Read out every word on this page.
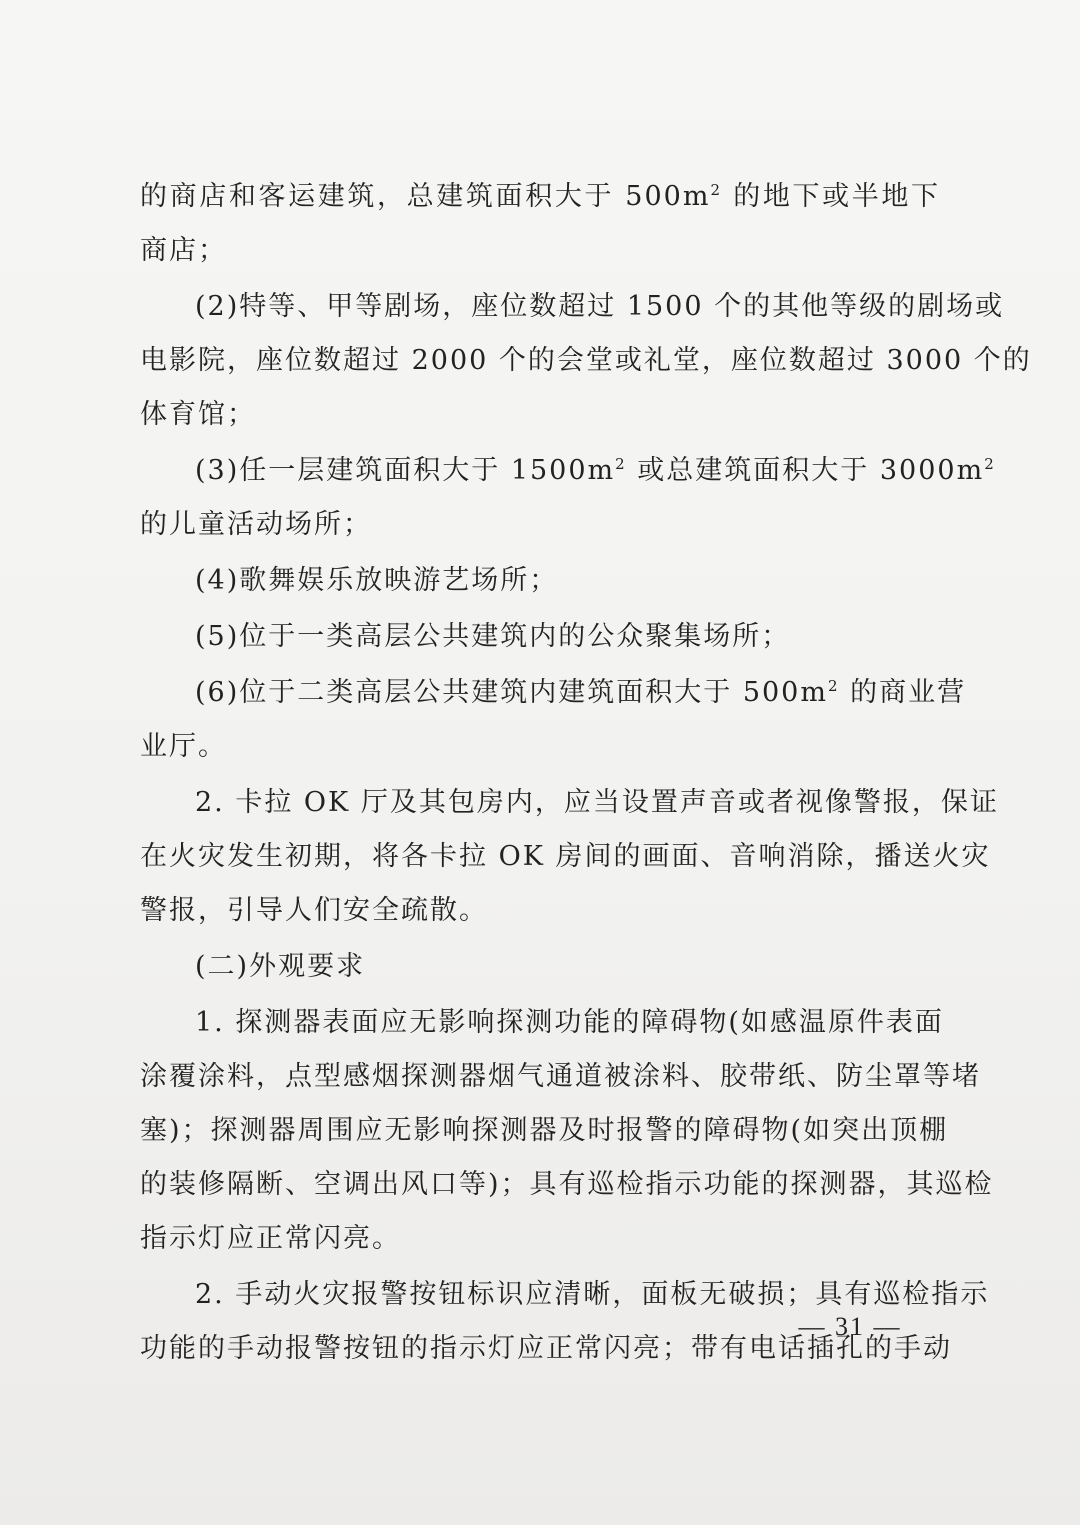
的商店和客运建筑，总建筑面积大于 $500m^2$ 的地下或半地下
商店；
(2)特等、甲等剧场，座位数超过 1500 个的其他等级的剧场或
电影院，座位数超过 2000 个的会堂或礼堂，座位数超过 3000 个的
体育馆；
(3)任一层建筑面积大于 $1500m^2$ 或总建筑面积大于 $3000m^2$
的儿童活动场所；
(4)歌舞娱乐放映游艺场所；
(5)位于一类高层公共建筑内的公众聚集场所；
(6)位于二类高层公共建筑内建筑面积大于 $500m^2$ 的商业营
业厅。
2. 卡拉 OK 厅及其包房内，应当设置声音或者视像警报，保证
在火灾发生初期，将各卡拉 OK 房间的画面、音响消除，播送火灾
警报，引导人们安全疏散。
(二)外观要求
1. 探测器表面应无影响探测功能的障碍物(如感温原件表面
涂覆涂料，点型感烟探测器烟气通道被涂料、胶带纸、防尘罩等堵
塞)；探测器周围应无影响探测器及时报警的障碍物(如突出顶棚
的装修隔断、空调出风口等)；具有巡检指示功能的探测器，其巡检
指示灯应正常闪亮。
2. 手动火灾报警按钮标识应清晰，面板无破损；具有巡检指示
功能的手动报警按钮的指示灯应正常闪亮；带有电话插孔的手动
— 31 —
